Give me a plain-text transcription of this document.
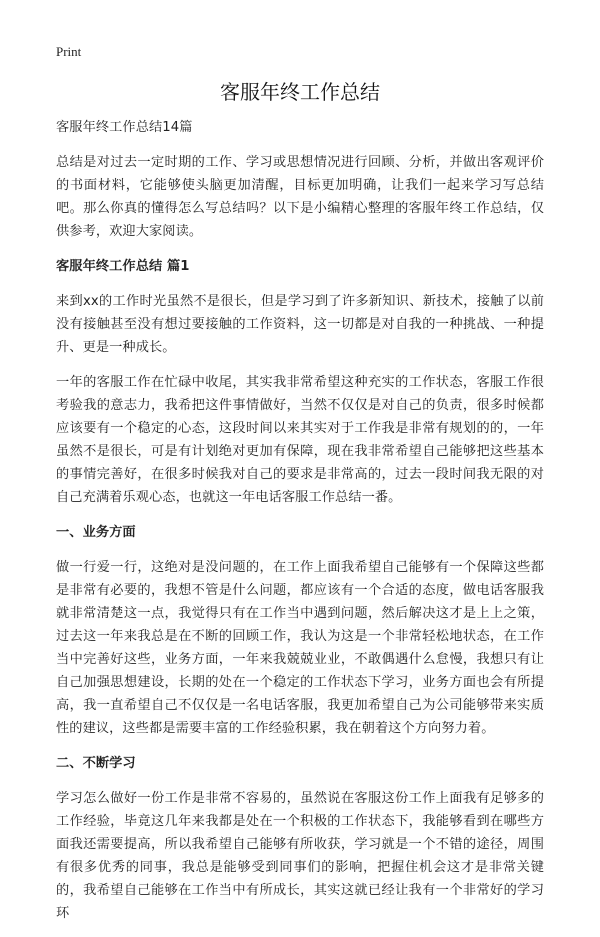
Print
客服年终工作总结

客服年终工作总结14篇

总结是对过去一定时期的工作、学习或思想情况进行回顾、分析，并做出客观评价的书面材料，它能够使头脑更加清醒，目标更加明确，让我们一起来学习写总结吧。那么你真的懂得怎么写总结吗？以下是小编精心整理的客服年终工作总结，仅供参考，欢迎大家阅读。

客服年终工作总结 篇1

来到xx的工作时光虽然不是很长，但是学习到了许多新知识、新技术，接触了以前没有接触甚至没有想过要接触的工作资料，这一切都是对自我的一种挑战、一种提升、更是一种成长。

一年的客服工作在忙碌中收尾，其实我非常希望这种充实的工作状态，客服工作很考验我的意志力，我希把这件事情做好，当然不仅仅是对自己的负责，很多时候都应该要有一个稳定的心态，这段时间以来其实对于工作我是非常有规划的的，一年虽然不是很长，可是有计划绝对更加有保障，现在我非常希望自己能够把这些基本的事情完善好，在很多时候我对自己的要求是非常高的，过去一段时间我无限的对自己充满着乐观心态，也就这一年电话客服工作总结一番。

一、业务方面

做一行爱一行，这绝对是没问题的，在工作上面我希望自己能够有一个保障这些都是非常有必要的，我想不管是什么问题，都应该有一个合适的态度，做电话客服我就非常清楚这一点，我觉得只有在工作当中遇到问题，然后解决这才是上上之策，过去这一年来我总是在不断的回顾工作，我认为这是一个非常轻松地状态，在工作当中完善好这些，业务方面，一年来我兢兢业业，不敢偶遇什么怠慢，我想只有让自己加强思想建设，长期的处在一个稳定的工作状态下学习，业务方面也会有所提高，我一直希望自己不仅仅是一名电话客服，我更加希望自己为公司能够带来实质性的建议，这些都是需要丰富的工作经验积累，我在朝着这个方向努力着。

二、不断学习

学习怎么做好一份工作是非常不容易的，虽然说在客服这份工作上面我有足够多的工作经验，毕竟这几年来我都是处在一个积极的工作状态下，我能够看到在哪些方面我还需要提高，所以我希望自己能够有所收获，学习就是一个不错的途径，周围有很多优秀的同事，我总是能够受到同事们的影响，把握住机会这才是非常关键的，我希望自己能够在工作当中有所成长，其实这就已经让我有一个非常好的学习环
